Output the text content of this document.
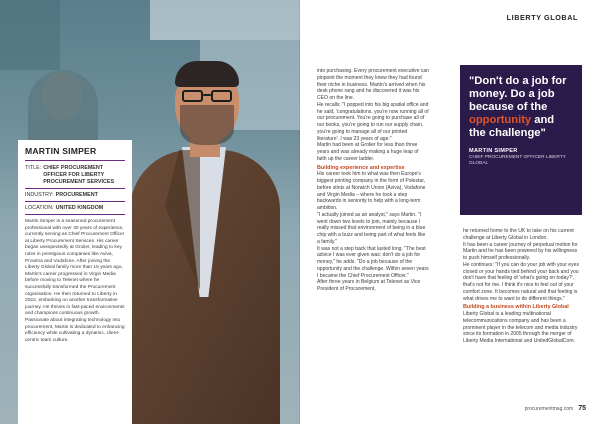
MARTIN SIMPER
TITLE: CHIEF PROCUREMENT OFFICER FOR LIBERTY PROCUREMENT SERVICES
INDUSTRY: PROCUREMENT
LOCATION: UNITED KINGDOM

Martin Simper is a seasoned procurement professional with over 30 years of experience, currently serving as Chief Procurement Officer at Liberty Procurement Services. His career began unexpectedly at Grolier, leading to key roles in prestigious companies like Aviva, Proxima and Vodafone. After joining the Liberty Global family more than 15 years ago, Martin's career progressed in Virgin Media before moving to Telenet where he successfully transformed the Procurement organisation. He then returned to Liberty in 2022, embarking on another transformative journey. He thrives in fast-paced environments and champions continuous growth. Passionate about integrating technology into procurement, Martin is dedicated to enhancing efficiency while cultivating a dynamic, client-centric team culture.

LIBERTY GLOBAL

into purchasing. Every procurement executive can pinpoint the moment they knew they had found their niche in business. Martin's arrived when his desk phone rang and he discovered it was his CEO on the line.

He recalls: "I popped into his big spatial office and he said, 'congratulations, you're now running all of our procurement. You're going to purchase all of our books, you're going to run our supply chain, you're going to manage all of our printed literature'. I was 23 years of age."

Martin had been at Grolier for less than three years and was already making a huge leap of faith up the career ladder.

Building experience and expertise

His career took him to what was then Europe's biggest printing company in the form of Polestar, before stints at Norwich Union (Aviva), Vodafone and Virgin Media – where he took a step backwards in seniority to help with a long-term ambition.

"I actually joined as an analyst," says Martin. "I went down two levels to join, mainly because I really missed that environment of being in a blue chip with a buzz and being part of what feels like a family."

It was not a step back that lasted long. "The best advice I was ever given was: don't do a job for money," he adds. "Do a job because of the opportunity and the challenge. Within seven years I became the Chief Procurement Officer."

After three years in Belgium at Telenet as Vice President of Procurement,

"Don't do a job for money. Do a job because of the opportunity and the challenge"
MARTIN SIMPER
CHIEF PROCUREMENT OFFICER LIBERTY GLOBAL

he returned home to the UK to take on his current challenge at Liberty Global in London.

It has been a career journey of perpetual motion for Martin and he has been powered by his willingness to push himself professionally.

He continues: "If you can do your job with your eyes closed or your hands tied behind your back and you don't have that feeling of 'what's going on today?', that's not for me. I think it's nice to feel out of your comfort zone. It becomes natural and that feeling is what drives me to want to do different things."

Building a business within Liberty Global

Liberty Global is a leading multinational telecommunications company and has been a prominent player in the telecom and media industry since its formation in 2005 through the merger of Liberty Media International and UnitedGlobalCom.

procurementmag.com 75
